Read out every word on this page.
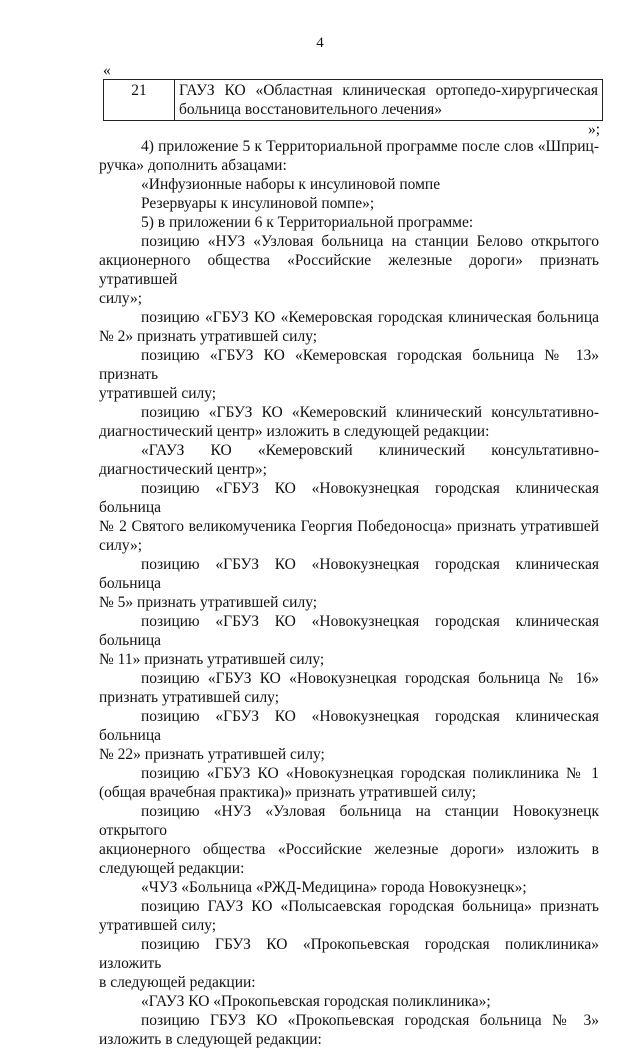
4
«
21	ГАУЗ КО «Областная клиническая ортопедо-хирургическая больница восстановительного лечения»
»;
4) приложение 5 к Территориальной программе после слов «Шприц-
ручка» дополнить абзацами:
«Инфузионные наборы к инсулиновой помпе
Резервуары к инсулиновой помпе»;
5) в приложении 6 к Территориальной программе:
позицию «НУЗ «Узловая больница на станции Белово открытого
акционерного общества «Российские железные дороги» признать утратившей
силу»;
позицию «ГБУЗ КО «Кемеровская городская клиническая больница
№ 2» признать утратившей силу;
позицию «ГБУЗ КО «Кемеровская городская больница № 13» признать
утратившей силу;
позицию «ГБУЗ КО «Кемеровский клинический консультативно-
диагностический центр» изложить в следующей редакции:
«ГАУЗ КО «Кемеровский клинический консультативно-
диагностический центр»;
позицию «ГБУЗ КО «Новокузнецкая городская клиническая больница
№ 2 Святого великомученика Георгия Победоносца» признать утратившей
силу»;
позицию «ГБУЗ КО «Новокузнецкая городская клиническая больница
№ 5» признать утратившей силу;
позицию «ГБУЗ КО «Новокузнецкая городская клиническая больница
№ 11» признать утратившей силу;
позицию «ГБУЗ КО «Новокузнецкая городская больница № 16»
признать утратившей силу;
позицию «ГБУЗ КО «Новокузнецкая городская клиническая больница
№ 22» признать утратившей силу;
позицию «ГБУЗ КО «Новокузнецкая городская поликлиника № 1
(общая врачебная практика)» признать утратившей силу;
позицию «НУЗ «Узловая больница на станции Новокузнецк открытого
акционерного общества «Российские железные дороги» изложить в
следующей редакции:
«ЧУЗ «Больница «РЖД-Медицина» города Новокузнецк»;
позицию ГАУЗ КО «Полысаевская городская больница» признать
утратившей силу;
позицию ГБУЗ КО «Прокопьевская городская поликлиника» изложить
в следующей редакции:
«ГАУЗ КО «Прокопьевская городская поликлиника»;
позицию ГБУЗ КО «Прокопьевская городская больница № 3»
изложить в следующей редакции:
